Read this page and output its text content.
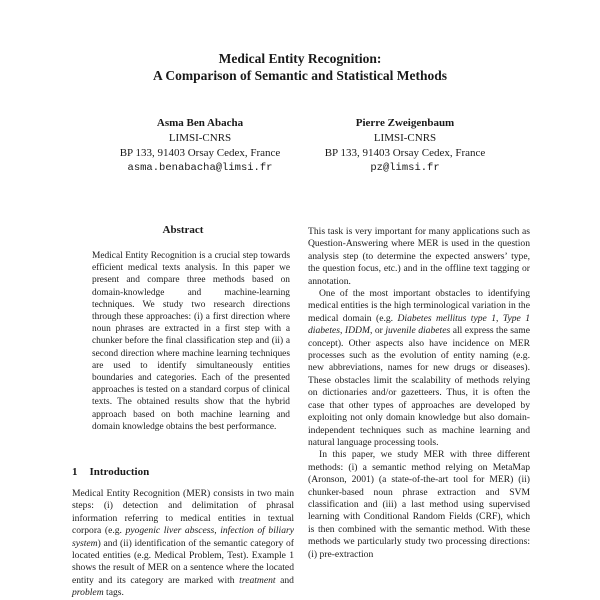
Medical Entity Recognition:
A Comparison of Semantic and Statistical Methods
Asma Ben Abacha
LIMSI-CNRS
BP 133, 91403 Orsay Cedex, France
asma.benabacha@limsi.fr
Pierre Zweigenbaum
LIMSI-CNRS
BP 133, 91403 Orsay Cedex, France
pz@limsi.fr
Abstract
Medical Entity Recognition is a crucial step towards efficient medical texts analysis. In this paper we present and compare three methods based on domain-knowledge and machine-learning techniques. We study two research directions through these approaches: (i) a first direction where noun phrases are extracted in a first step with a chunker before the final classification step and (ii) a second direction where machine learning techniques are used to identify simultaneously entities boundaries and categories. Each of the presented approaches is tested on a standard corpus of clinical texts. The obtained results show that the hybrid approach based on both machine learning and domain knowledge obtains the best performance.
1 Introduction

Medical Entity Recognition (MER) consists in two main steps: (i) detection and delimitation of phrasal information referring to medical entities in textual corpora (e.g. pyogenic liver abscess, infection of biliary system) and (ii) identification of the semantic category of located entities (e.g. Medical Problem, Test). Example 1 shows the result of MER on a sentence where the located entity and its category are marked with treatment and problem tags.

This task is very important for many applications such as Question-Answering where MER is used in the question analysis step (to determine the expected answers’ type, the question focus, etc.) and in the offline text tagging or annotation.

One of the most important obstacles to identifying medical entities is the high terminological variation in the medical domain (e.g. Diabetes mellitus type 1, Type 1 diabetes, IDDM, or juvenile diabetes all express the same concept). Other aspects also have incidence on MER processes such as the evolution of entity naming (e.g. new abbreviations, names for new drugs or diseases). These obstacles limit the scalability of methods relying on dictionaries and/or gazetteers. Thus, it is often the case that other types of approaches are developed by exploiting not only domain knowledge but also domain-independent techniques such as machine learning and natural language processing tools.

In this paper, we study MER with three different methods: (i) a semantic method relying on MetaMap (Aronson, 2001) (a state-of-the-art tool for MER) (ii) chunker-based noun phrase extraction and SVM classification and (iii) a last method using supervised learning with Conditional Random Fields (CRF), which is then combined with the semantic method. With these methods we particularly study two processing directions: (i) pre-extraction
